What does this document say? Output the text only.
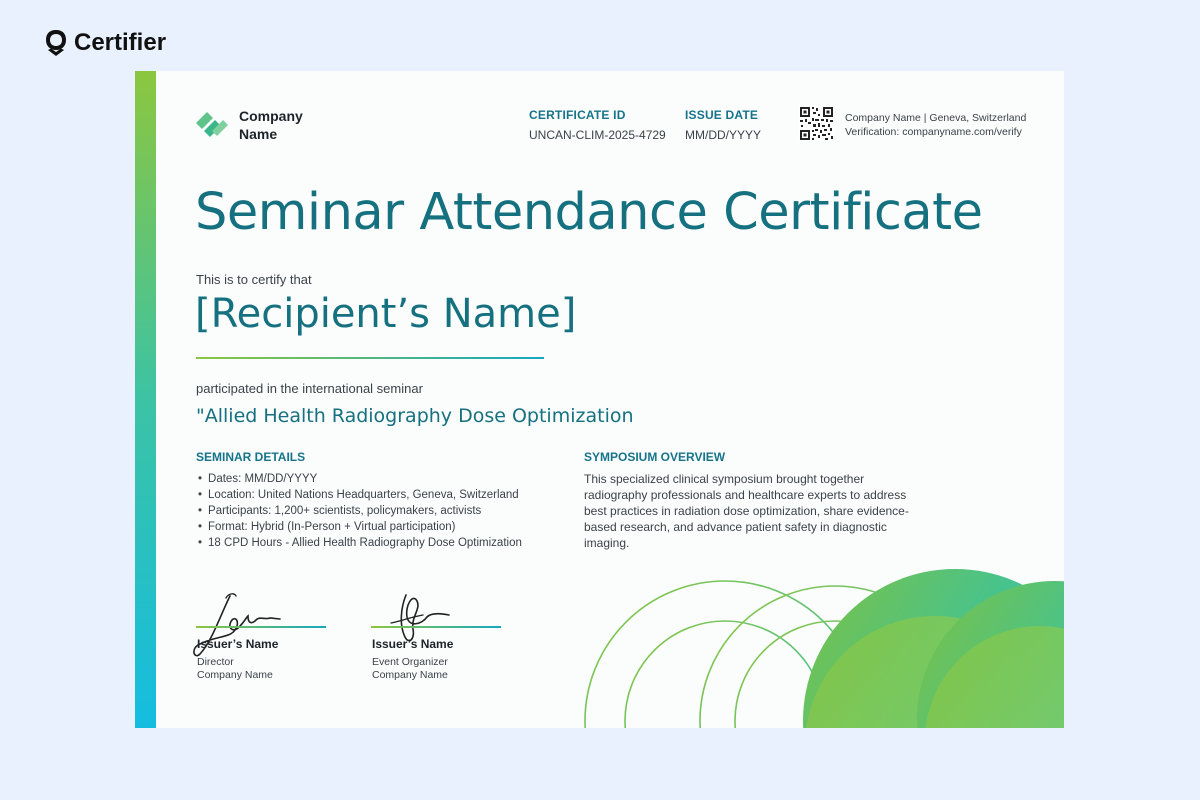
Certifier
Company
Name
CERTIFICATE ID
UNCAN-CLIM-2025-4729
ISSUE DATE
MM/DD/YYYY
Company Name | Geneva, Switzerland
Verification: companyname.com/verify
Seminar Attendance Certificate
This is to certify that
[Recipient’s Name]
participated in the international seminar
"Allied Health Radiography Dose Optimization
SEMINAR DETAILS
• Dates: MM/DD/YYYY
• Location: United Nations Headquarters, Geneva, Switzerland
• Participants: 1,200+ scientists, policymakers, activists
• Format: Hybrid (In-Person + Virtual participation)
• 18 CPD Hours - Allied Health Radiography Dose Optimization
SYMPOSIUM OVERVIEW
This specialized clinical symposium brought together radiography professionals and healthcare experts to address best practices in radiation dose optimization, share evidence-based research, and advance patient safety in diagnostic imaging.
Issuer’s Name
Director
Company Name
Issuer’s Name
Event Organizer
Company Name
